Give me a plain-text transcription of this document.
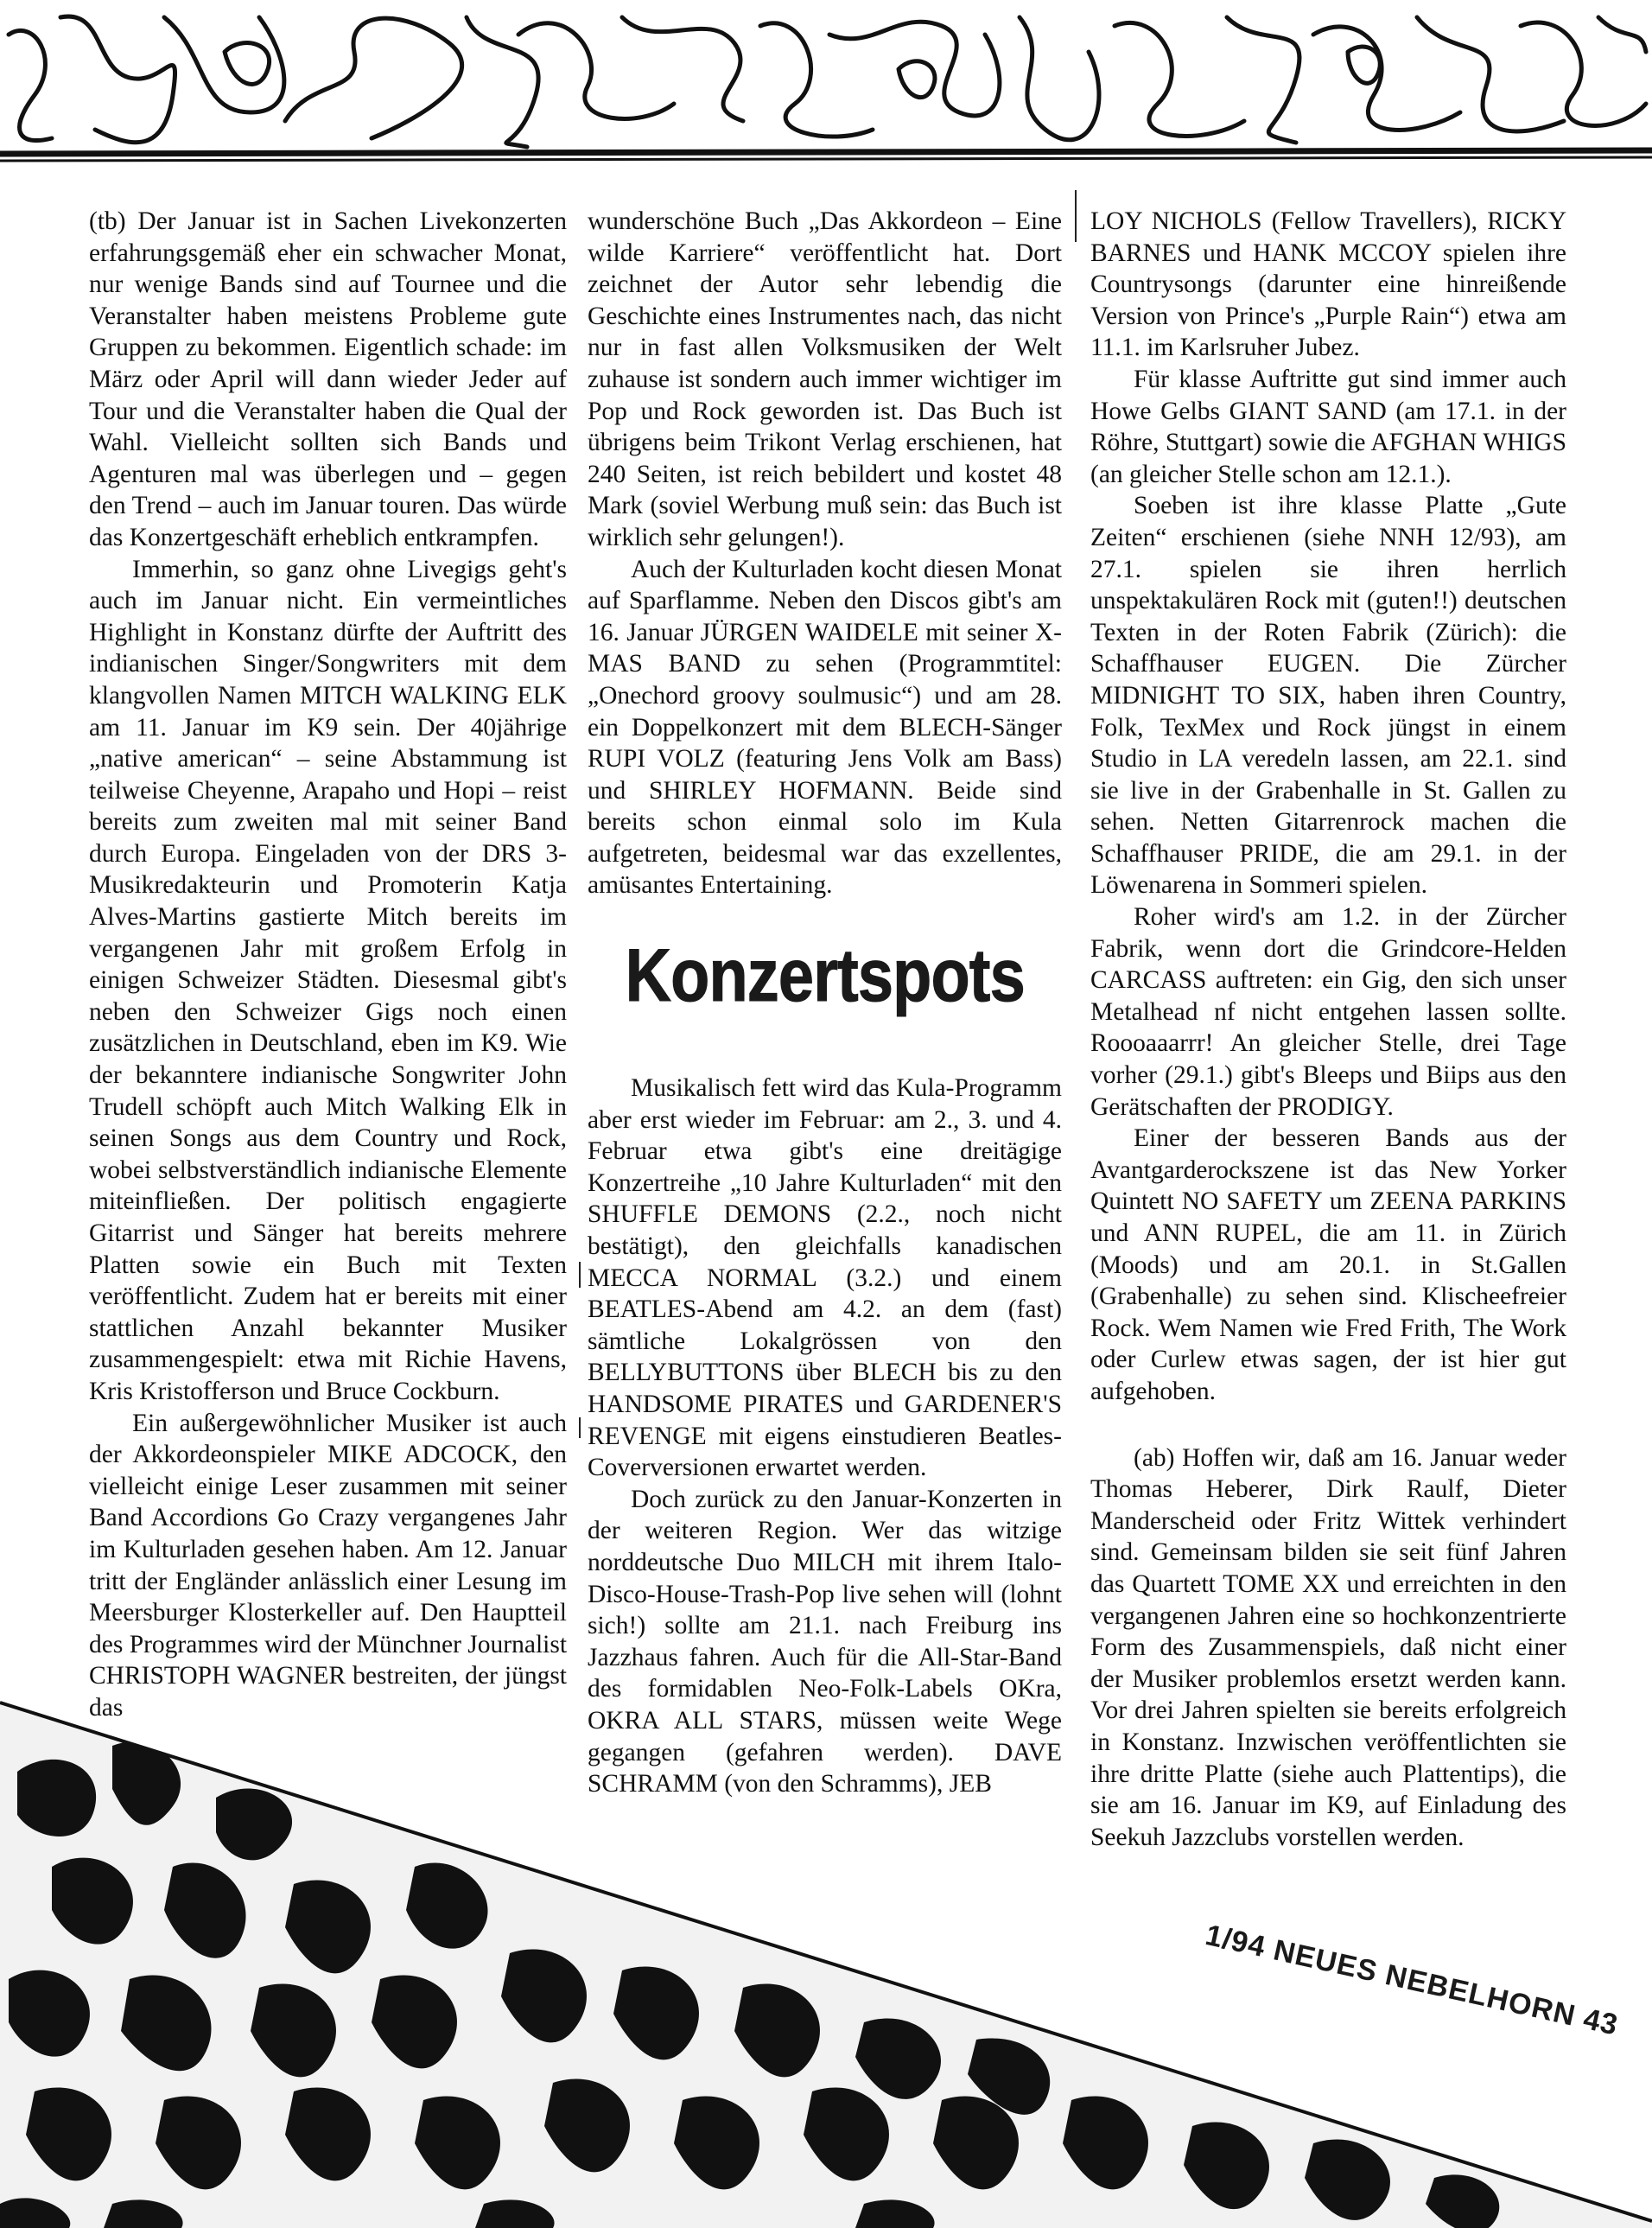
(tb) Der Januar ist in Sachen Livekonzerten erfahrungsgemäß eher ein schwacher Monat, nur wenige Bands sind auf Tournee und die Veranstalter haben meistens Probleme gute Gruppen zu bekommen. Eigentlich schade: im März oder April will dann wieder Jeder auf Tour und die Veranstalter haben die Qual der Wahl. Vielleicht sollten sich Bands und Agenturen mal was überlegen und – gegen den Trend – auch im Januar touren. Das würde das Konzertgeschäft erheblich entkrampfen.

Immerhin, so ganz ohne Livegigs geht's auch im Januar nicht. Ein vermeintliches Highlight in Konstanz dürfte der Auftritt des indianischen Singer/Songwriters mit dem klangvollen Namen MITCH WALKING ELK am 11. Januar im K9 sein. Der 40jährige „native american“ – seine Abstammung ist teilweise Cheyenne, Arapaho und Hopi – reist bereits zum zweiten mal mit seiner Band durch Europa. Eingeladen von der DRS 3-Musikredakteurin und Promoterin Katja Alves-Martins gastierte Mitch bereits im vergangenen Jahr mit großem Erfolg in einigen Schweizer Städten. Diesesmal gibt's neben den Schweizer Gigs noch einen zusätzlichen in Deutschland, eben im K9. Wie der bekanntere indianische Songwriter John Trudell schöpft auch Mitch Walking Elk in seinen Songs aus dem Country und Rock, wobei selbstverständlich indianische Elemente miteinfließen. Der politisch engagierte Gitarrist und Sänger hat bereits mehrere Platten sowie ein Buch mit Texten veröffentlicht. Zudem hat er bereits mit einer stattlichen Anzahl bekannter Musiker zusammengespielt: etwa mit Richie Havens, Kris Kristofferson und Bruce Cockburn.

Ein außergewöhnlicher Musiker ist auch der Akkordeonspieler MIKE ADCOCK, den vielleicht einige Leser zusammen mit seiner Band Accordions Go Crazy vergangenes Jahr im Kulturladen gesehen haben. Am 12. Januar tritt der Engländer anlässlich einer Lesung im Meersburger Klosterkeller auf. Den Hauptteil des Programmes wird der Münchner Journalist CHRISTOPH WAGNER bestreiten, der jüngst das

wunderschöne Buch „Das Akkordeon – Eine wilde Karriere“ veröffentlicht hat. Dort zeichnet der Autor sehr lebendig die Geschichte eines Instrumentes nach, das nicht nur in fast allen Volksmusiken der Welt zuhause ist sondern auch immer wichtiger im Pop und Rock geworden ist. Das Buch ist übrigens beim Trikont Verlag erschienen, hat 240 Seiten, ist reich bebildert und kostet 48 Mark (soviel Werbung muß sein: das Buch ist wirklich sehr gelungen!).

Auch der Kulturladen kocht diesen Monat auf Sparflamme. Neben den Discos gibt's am 16. Januar JÜRGEN WAIDELE mit seiner X-MAS BAND zu sehen (Programmtitel: „Onechord groovy soulmusic“) und am 28. ein Doppelkonzert mit dem BLECH-Sänger RUPI VOLZ (featuring Jens Volk am Bass) und SHIRLEY HOFMANN. Beide sind bereits schon einmal solo im Kula aufgetreten, beidesmal war das exzellentes, amüsantes Entertaining.

Konzertspots

Musikalisch fett wird das Kula-Programm aber erst wieder im Februar: am 2., 3. und 4. Februar etwa gibt's eine dreitägige Konzertreihe „10 Jahre Kulturladen“ mit den SHUFFLE DEMONS (2.2., noch nicht bestätigt), den gleichfalls kanadischen MECCA NORMAL (3.2.) und einem BEATLES-Abend am 4.2. an dem (fast) sämtliche Lokalgrössen von den BELLYBUTTONS über BLECH bis zu den HANDSOME PIRATES und GARDENER'S REVENGE mit eigens einstudieren Beatles-Coverversionen erwartet werden.

Doch zurück zu den Januar-Konzerten in der weiteren Region. Wer das witzige norddeutsche Duo MILCH mit ihrem Italo-Disco-House-Trash-Pop live sehen will (lohnt sich!) sollte am 21.1. nach Freiburg ins Jazzhaus fahren. Auch für die All-Star-Band des formidablen Neo-Folk-Labels OKra, OKRA ALL STARS, müssen weite Wege gegangen (gefahren werden). DAVE SCHRAMM (von den Schramms), JEB

LOY NICHOLS (Fellow Travellers), RICKY BARNES und HANK MCCOY spielen ihre Countrysongs (darunter eine hinreißende Version von Prince's „Purple Rain“) etwa am 11.1. im Karlsruher Jubez.

Für klasse Auftritte gut sind immer auch Howe Gelbs GIANT SAND (am 17.1. in der Röhre, Stuttgart) sowie die AFGHAN WHIGS (an gleicher Stelle schon am 12.1.).

Soeben ist ihre klasse Platte „Gute Zeiten“ erschienen (siehe NNH 12/93), am 27.1. spielen sie ihren herrlich unspektakulären Rock mit (guten!!) deutschen Texten in der Roten Fabrik (Zürich): die Schaffhauser EUGEN. Die Zürcher MIDNIGHT TO SIX, haben ihren Country, Folk, TexMex und Rock jüngst in einem Studio in LA veredeln lassen, am 22.1. sind sie live in der Grabenhalle in St. Gallen zu sehen. Netten Gitarrenrock machen die Schaffhauser PRIDE, die am 29.1. in der Löwenarena in Sommeri spielen.

Roher wird's am 1.2. in der Zürcher Fabrik, wenn dort die Grindcore-Helden CARCASS auftreten: ein Gig, den sich unser Metalhead nf nicht entgehen lassen sollte. Roooaaarrr! An gleicher Stelle, drei Tage vorher (29.1.) gibt's Bleeps und Biips aus den Gerätschaften der PRODIGY.

Einer der besseren Bands aus der Avantgarderockszene ist das New Yorker Quintett NO SAFETY um ZEENA PARKINS und ANN RUPEL, die am 11. in Zürich (Moods) und am 20.1. in St.Gallen (Grabenhalle) zu sehen sind. Klischeefreier Rock. Wem Namen wie Fred Frith, The Work oder Curlew etwas sagen, der ist hier gut aufgehoben.

(ab) Hoffen wir, daß am 16. Januar weder Thomas Heberer, Dirk Raulf, Dieter Manderscheid oder Fritz Wittek verhindert sind. Gemeinsam bilden sie seit fünf Jahren das Quartett TOME XX und erreichten in den vergangenen Jahren eine so hochkonzentrierte Form des Zusammenspiels, daß nicht einer der Musiker problemlos ersetzt werden kann. Vor drei Jahren spielten sie bereits erfolgreich in Konstanz. Inzwischen veröffentlichten sie ihre dritte Platte (siehe auch Plattentips), die sie am 16. Januar im K9, auf Einladung des Seekuh Jazzclubs vorstellen werden.

1/94 NEUES NEBELHORN 43
